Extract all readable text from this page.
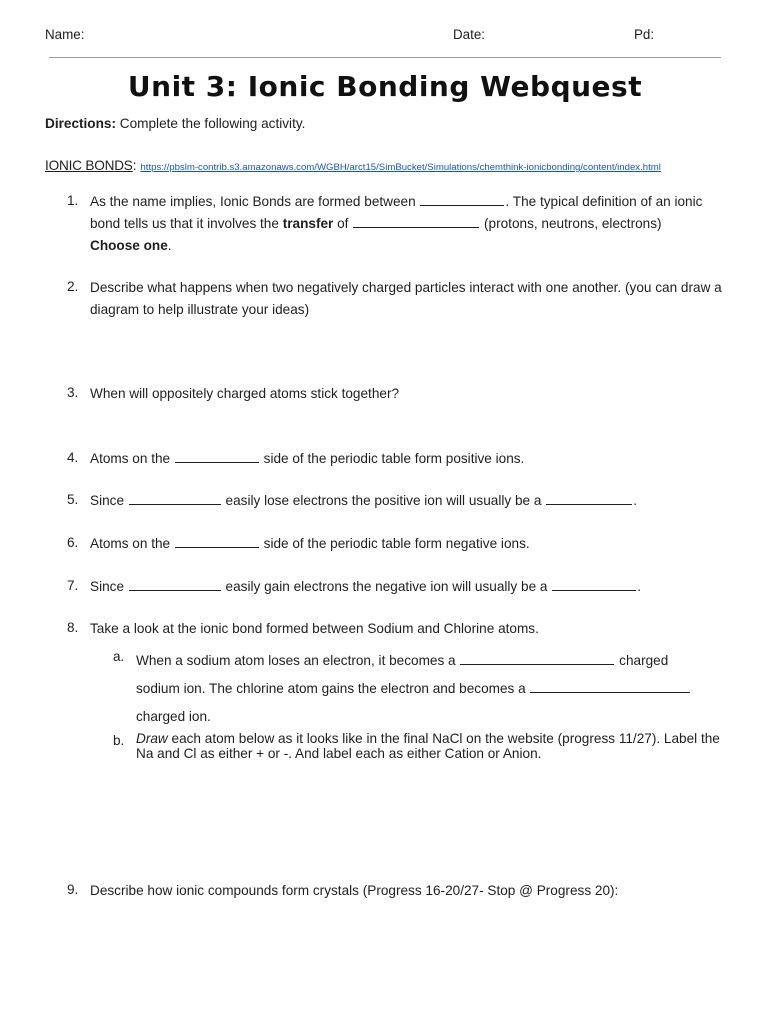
Name:	Date:	Pd:
Unit 3: Ionic Bonding Webquest
Directions: Complete the following activity.
IONIC BONDS: https://pbslm-contrib.s3.amazonaws.com/WGBH/arct15/SimBucket/Simulations/chemthink-ionicbonding/content/index.html
1. As the name implies, Ionic Bonds are formed between	. The typical definition of an ionic bond tells us that it involves the transfer of	(protons, neutrons, electrons)
Choose one.
2. Describe what happens when two negatively charged particles interact with one another. (you can draw a diagram to help illustrate your ideas)
3. When will oppositely charged atoms stick together?
4. Atoms on the	side of the periodic table form positive ions.
5. Since	easily lose electrons the positive ion will usually be a	.
6. Atoms on the	side of the periodic table form negative ions.
7. Since	easily gain electrons the negative ion will usually be a	.
8. Take a look at the ionic bond formed between Sodium and Chlorine atoms.
a. When a sodium atom loses an electron, it becomes a	charged
sodium ion. The chlorine atom gains the electron and becomes a
charged ion.
b. Draw each atom below as it looks like in the final NaCl on the website (progress 11/27). Label the Na and Cl as either + or -. And label each as either Cation or Anion.
9. Describe how ionic compounds form crystals (Progress 16-20/27- Stop @ Progress 20):
